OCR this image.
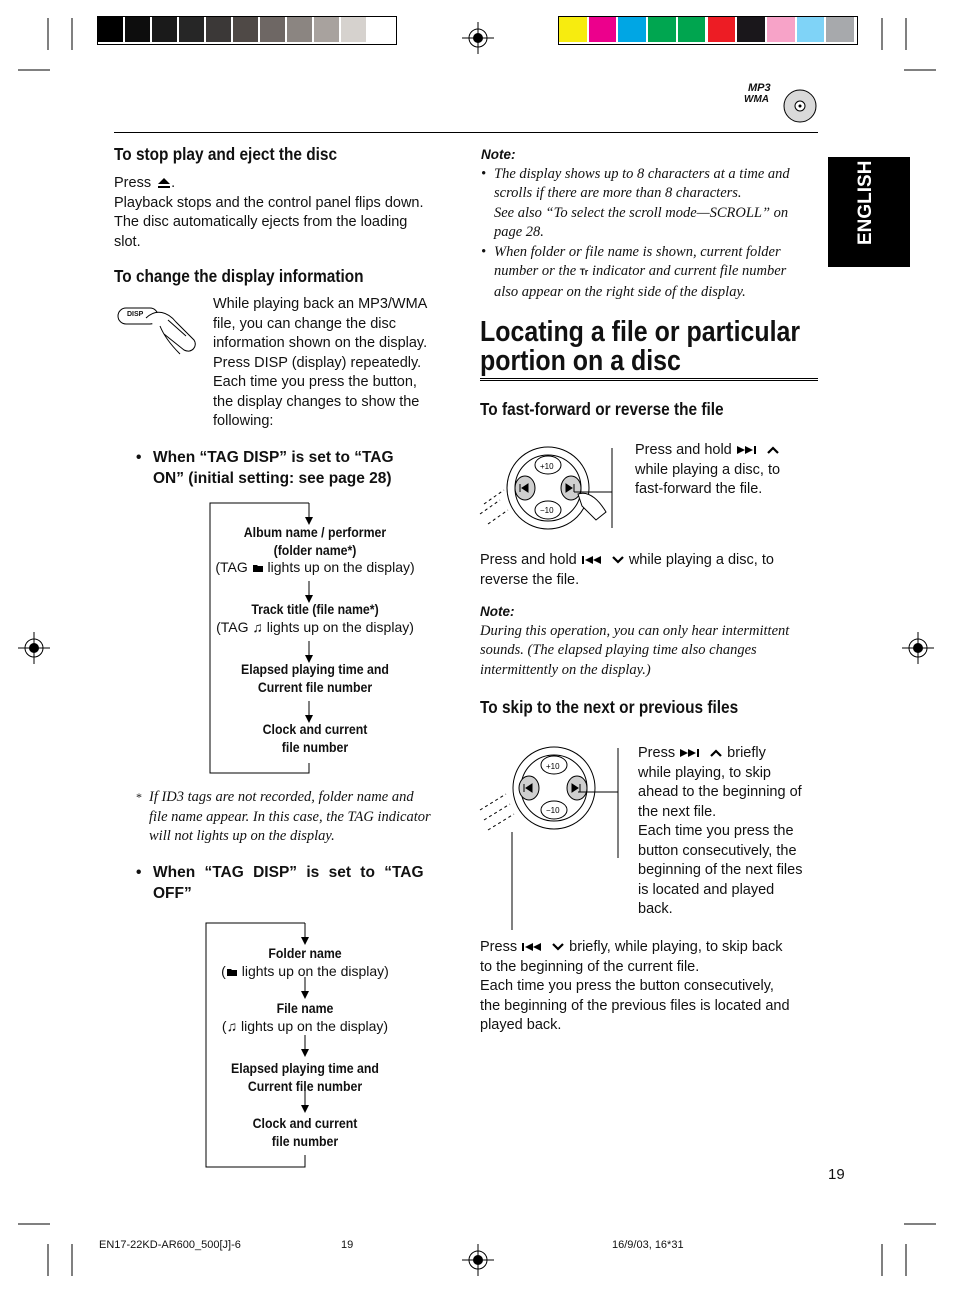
MP3
WMA
ENGLISH
To stop play and eject the disc
Press .
Playback stops and the control panel flips down.
The disc automatically ejects from the loading
slot.
To change the display information
DISP
While playing back an MP3/WMA
file, you can change the disc
information shown on the display.
Press DISP (display) repeatedly.
Each time you press the button,
the display changes to show the
following:
• When “TAG DISP” is set to “TAG
ON” (initial setting: see page 28)
Album name / performer
(folder name*)
(TAG lights up on the display)
Track title (file name*)
(TAG ♫ lights up on the display)
Elapsed playing time and
Current file number
Clock and current
file number
* If ID3 tags are not recorded, folder name and
file name appear. In this case, the TAG indicator
will not lights up on the display.
• When “TAG DISP” is set to “TAG
OFF”
Folder name
( lights up on the display)
File name
(♫ lights up on the display)
Elapsed playing time and
Current file number
Clock and current
file number
Note:
• The display shows up to 8 characters at a time and
scrolls if there are more than 8 characters.
See also “To select the scroll mode—SCROLL” on
page 28.
• When folder or file name is shown, current folder
number or the Tr indicator and current file number
also appear on the right side of the display.
Locating a file or particular
portion on a disc
To fast-forward or reverse the file
+10
−10
Press and hold
while playing a disc, to
fast-forward the file.
Press and hold	while playing a disc, to
reverse the file.
Note:
During this operation, you can only hear intermittent
sounds. (The elapsed playing time also changes
intermittently on the display.)
To skip to the next or previous files
+10
−10
Press	briefly
while playing, to skip
ahead to the beginning of
the next file.
Each time you press the
button consecutively, the
beginning of the next files
is located and played
back.
Press	briefly, while playing, to skip back
to the beginning of the current file.
Each time you press the button consecutively,
the beginning of the previous files is located and
played back.
19
EN17-22KD-AR600_500[J]-6	19	16/9/03, 16*31
